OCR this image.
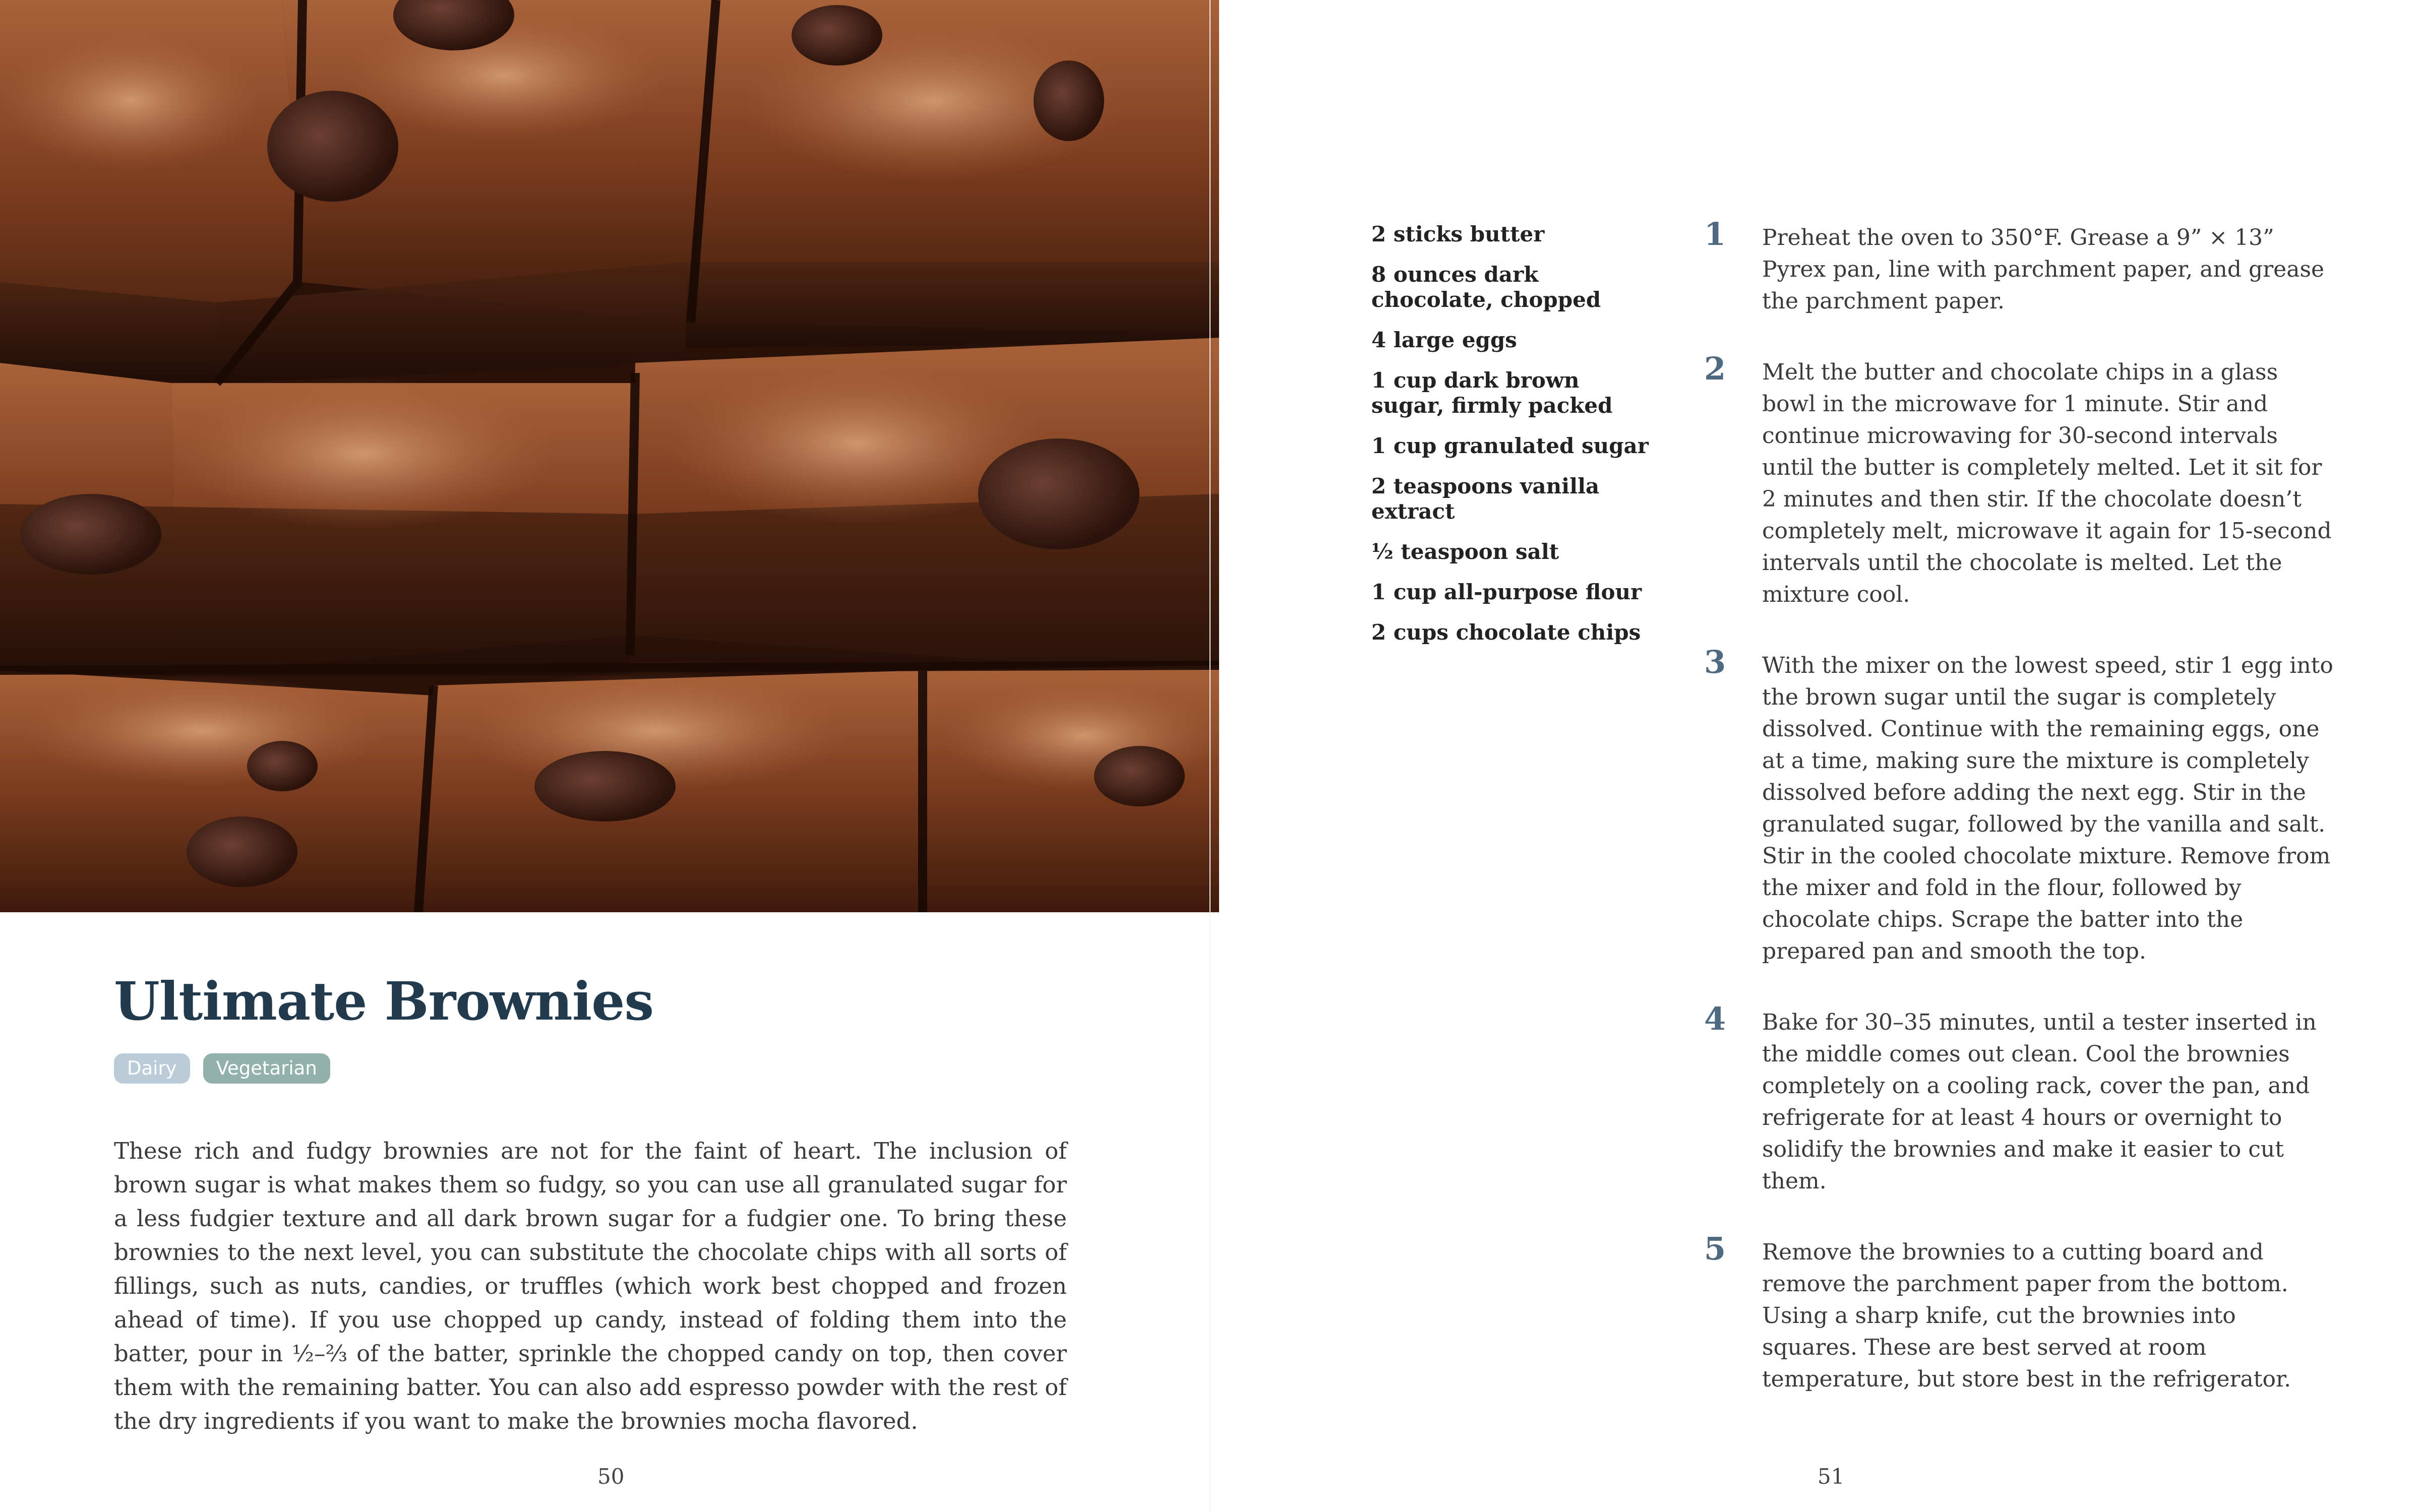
Ultimate Brownies
Dairy	Vegetarian

These rich and fudgy brownies are not for the faint of heart. The inclusion of brown sugar is what makes them so fudgy, so you can use all granulated sugar for a less fudgier texture and all dark brown sugar for a fudgier one. To bring these brownies to the next level, you can substitute the chocolate chips with all sorts of fillings, such as nuts, candies, or truffles (which work best chopped and frozen ahead of time). If you use chopped up candy, instead of folding them into the batter, pour in ½–⅔ of the batter, sprinkle the chopped candy on top, then cover them with the remaining batter. You can also add espresso powder with the rest of the dry ingredients if you want to make the brownies mocha flavored.

50
2 sticks butter
8 ounces dark chocolate, chopped
4 large eggs
1 cup dark brown sugar, firmly packed
1 cup granulated sugar
2 teaspoons vanilla extract
½ teaspoon salt
1 cup all-purpose flour
2 cups chocolate chips
1 Preheat the oven to 350°F. Grease a 9” × 13” Pyrex pan, line with parchment paper, and grease the parchment paper.
2 Melt the butter and chocolate chips in a glass bowl in the microwave for 1 minute. Stir and continue microwaving for 30-second intervals until the butter is completely melted. Let it sit for 2 minutes and then stir. If the chocolate doesn’t completely melt, microwave it again for 15-second intervals until the chocolate is melted. Let the mixture cool.
3 With the mixer on the lowest speed, stir 1 egg into the brown sugar until the sugar is completely dissolved. Continue with the remaining eggs, one at a time, making sure the mixture is completely dissolved before adding the next egg. Stir in the granulated sugar, followed by the vanilla and salt. Stir in the cooled chocolate mixture. Remove from the mixer and fold in the flour, followed by chocolate chips. Scrape the batter into the prepared pan and smooth the top.
4 Bake for 30–35 minutes, until a tester inserted in the middle comes out clean. Cool the brownies completely on a cooling rack, cover the pan, and refrigerate for at least 4 hours or overnight to solidify the brownies and make it easier to cut them.
5 Remove the brownies to a cutting board and remove the parchment paper from the bottom. Using a sharp knife, cut the brownies into squares. These are best served at room temperature, but store best in the refrigerator.
51
